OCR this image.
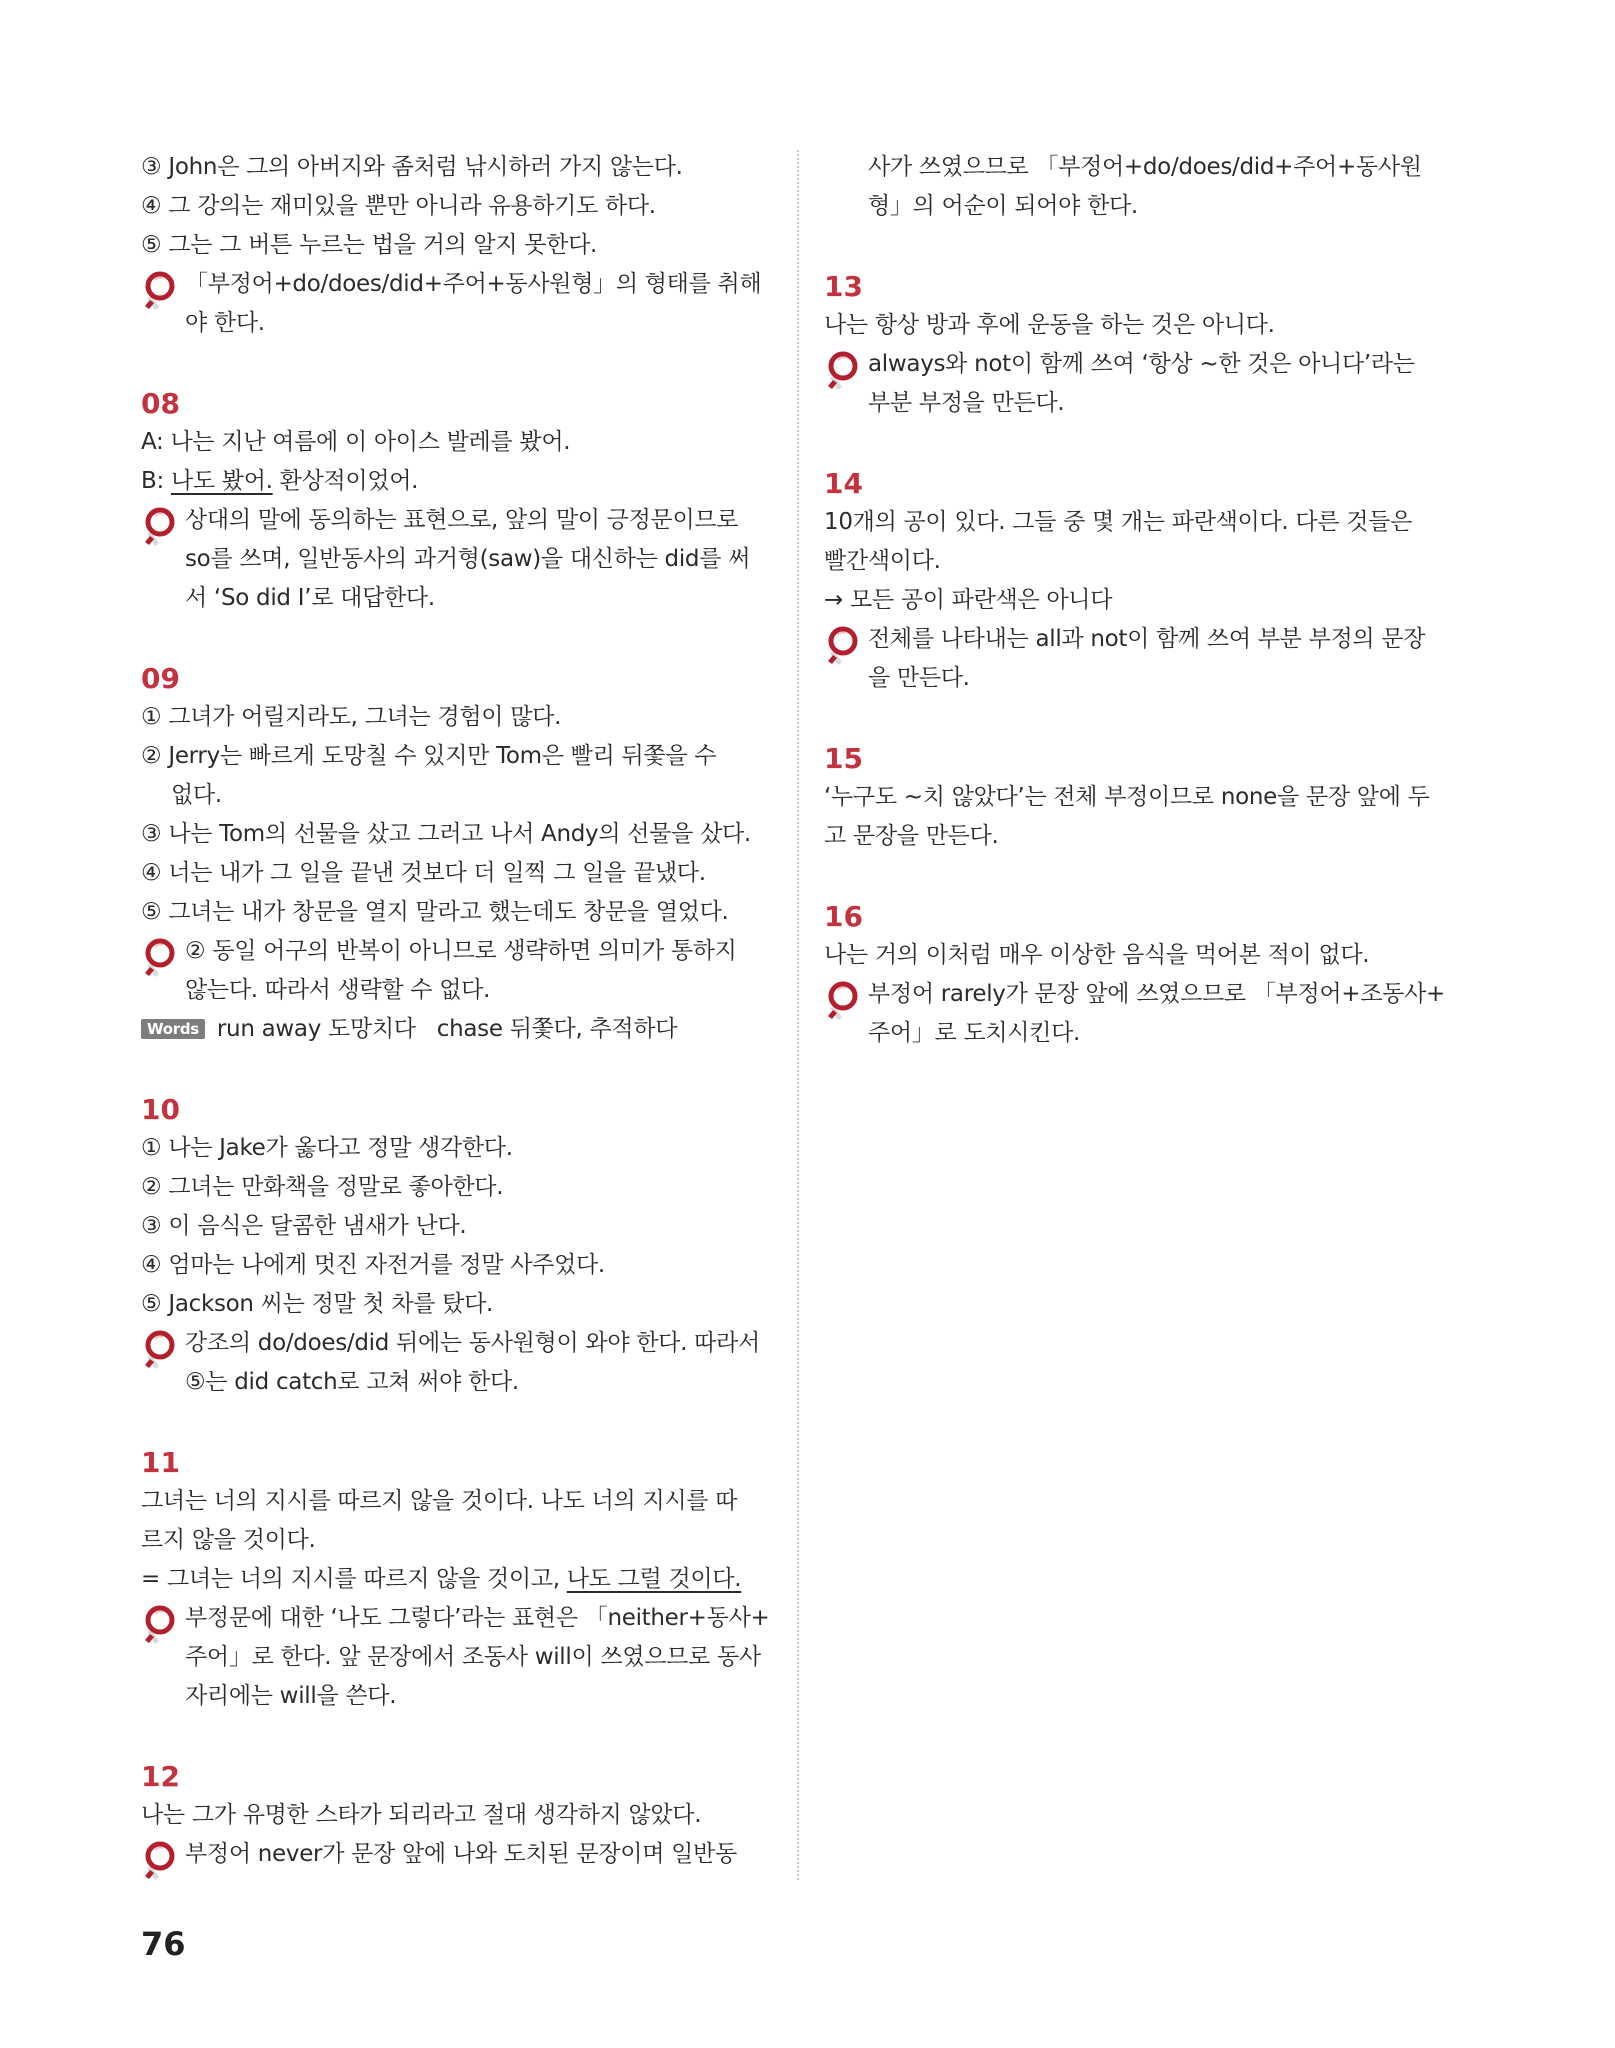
③ John은 그의 아버지와 좀처럼 낚시하러 가지 않는다.
④ 그 강의는 재미있을 뿐만 아니라 유용하기도 하다.
⑤ 그는 그 버튼 누르는 법을 거의 알지 못한다.
「부정어+do/does/did+주어+동사원형」의 형태를 취해
야 한다.
08
A: 나는 지난 여름에 이 아이스 발레를 봤어.
B: 나도 봤어. 환상적이었어.
상대의 말에 동의하는 표현으로, 앞의 말이 긍정문이므로
so를 쓰며, 일반동사의 과거형(saw)을 대신하는 did를 써
서 ‘So did I’로 대답한다.
09
① 그녀가 어릴지라도, 그녀는 경험이 많다.
② Jerry는 빠르게 도망칠 수 있지만 Tom은 빨리 뒤쫓을 수
없다.
③ 나는 Tom의 선물을 샀고 그러고 나서 Andy의 선물을 샀다.
④ 너는 내가 그 일을 끝낸 것보다 더 일찍 그 일을 끝냈다.
⑤ 그녀는 내가 창문을 열지 말라고 했는데도 창문을 열었다.
② 동일 어구의 반복이 아니므로 생략하면 의미가 통하지
않는다. 따라서 생략할 수 없다.
Words run away 도망치다   chase 뒤쫓다, 추적하다
10
① 나는 Jake가 옳다고 정말 생각한다.
② 그녀는 만화책을 정말로 좋아한다.
③ 이 음식은 달콤한 냄새가 난다.
④ 엄마는 나에게 멋진 자전거를 정말 사주었다.
⑤ Jackson 씨는 정말 첫 차를 탔다.
강조의 do/does/did 뒤에는 동사원형이 와야 한다. 따라서
⑤는 did catch로 고쳐 써야 한다.
11
그녀는 너의 지시를 따르지 않을 것이다. 나도 너의 지시를 따
르지 않을 것이다.
= 그녀는 너의 지시를 따르지 않을 것이고, 나도 그럴 것이다.
부정문에 대한 ‘나도 그렇다’라는 표현은 「neither+동사+
주어」로 한다. 앞 문장에서 조동사 will이 쓰였으므로 동사
자리에는 will을 쓴다.
12
나는 그가 유명한 스타가 되리라고 절대 생각하지 않았다.
부정어 never가 문장 앞에 나와 도치된 문장이며 일반동
사가 쓰였으므로 「부정어+do/does/did+주어+동사원
형」의 어순이 되어야 한다.
13
나는 항상 방과 후에 운동을 하는 것은 아니다.
always와 not이 함께 쓰여 ‘항상 ~한 것은 아니다’라는
부분 부정을 만든다.
14
10개의 공이 있다. 그들 중 몇 개는 파란색이다. 다른 것들은
빨간색이다.
→ 모든 공이 파란색은 아니다
전체를 나타내는 all과 not이 함께 쓰여 부분 부정의 문장
을 만든다.
15
‘누구도 ~치 않았다’는 전체 부정이므로 none을 문장 앞에 두
고 문장을 만든다.
16
나는 거의 이처럼 매우 이상한 음식을 먹어본 적이 없다.
부정어 rarely가 문장 앞에 쓰였으므로 「부정어+조동사+
주어」로 도치시킨다.
76
